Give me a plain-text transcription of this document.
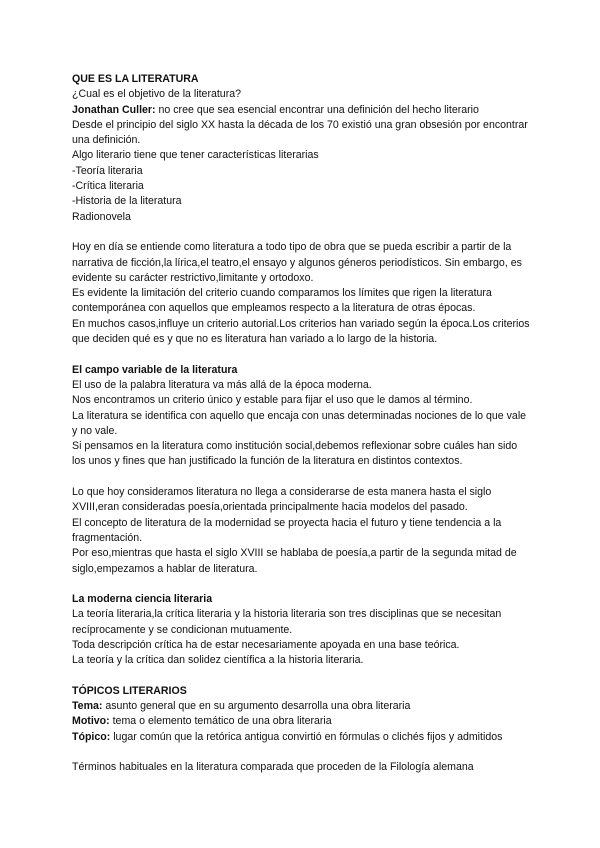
QUE ES LA LITERATURA

¿Cual es el objetivo de la literatura?

Jonathan Culler: no cree que sea esencial encontrar una definición del hecho literario

Desde el principio del siglo XX hasta la década de los 70 existió una gran obsesión por encontrar una definición.

Algo literario tiene que tener características literarias

-Teoría literaria

-Crítica literaria

-Historia de la literatura

Radionovela

Hoy en día se entiende como literatura a todo tipo de obra que se pueda escribir a partir de la narrativa de ficción,la lírica,el teatro,el ensayo y algunos géneros periodísticos. Sin embargo, es evidente su carácter restrictivo,limitante y ortodoxo.

Es evidente la limitación del criterio cuando comparamos los límites que rigen la literatura contemporánea con aquellos que empleamos respecto a la literatura de otras épocas.

En muchos casos,influye un criterio autorial.Los criterios han variado según la época.Los criterios que deciden qué es y que no es literatura han variado a lo largo de la historia.

El campo variable de la literatura

El uso de la palabra literatura va más allá de la época moderna.

Nos encontramos un criterio único y estable para fijar el uso que le damos al término.

La literatura se identifica con aquello que encaja con unas determinadas nociones de lo que vale y no vale.

Si pensamos en la literatura como institución social,debemos reflexionar sobre cuáles han sido los unos y fines que han justificado la función de la literatura en distintos contextos.

Lo que hoy consideramos literatura no llega a considerarse de esta manera hasta el siglo XVIII,eran consideradas poesía,orientada principalmente hacia modelos del pasado.

El concepto de literatura de la modernidad se proyecta hacia el futuro y tiene tendencia a la fragmentación.

Por eso,mientras que hasta el siglo XVIII se hablaba de poesía,a partir de la segunda mitad de siglo,empezamos a hablar de literatura.

La moderna ciencia literaria

La teoría literaria,la crítica literaria y la historia literaria son tres disciplinas que se necesitan recíprocamente y se condicionan mutuamente.

Toda descripción crítica ha de estar necesariamente apoyada en una base teórica.

La teoría y la crítica dan solidez científica a la historia literaria.

TÓPICOS LITERARIOS

Tema: asunto general que en su argumento desarrolla una obra literaria

Motivo: tema o elemento temático de una obra literaria

Tópico: lugar común que la retórica antigua convirtió en fórmulas o clichés fijos y admitidos

Términos habituales en la literatura comparada que proceden de la Filología alemana
